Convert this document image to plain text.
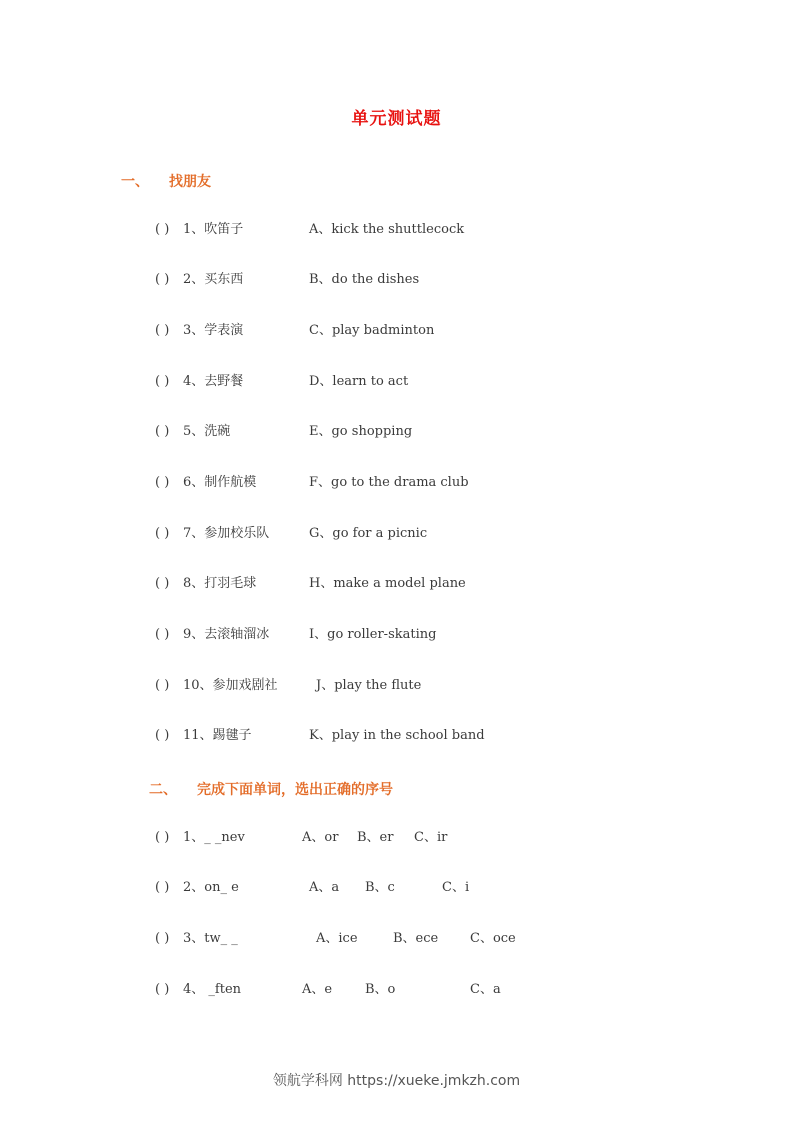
单元测试题
一、 找朋友
( ) 1、吹笛子	A、kick the shuttlecock
( ) 2、买东西	B、do the dishes
( ) 3、学表演	C、play badminton
( ) 4、去野餐	D、learn to act
( ) 5、洗碗	E、go shopping
( ) 6、制作航模	F、go to the drama club
( ) 7、参加校乐队	G、go for a picnic
( ) 8、打羽毛球	H、make a model plane
( ) 9、去滚轴溜冰	I、go roller-skating
( ) 10、参加戏剧社	J、play the flute
( ) 11、踢毽子	K、play in the school band
二、 完成下面单词，选出正确的序号
( ) 1、_ _nev	A、or B、er C、ir
( ) 2、on_ e	A、a B、c	C、i
( ) 3、tw_ _	A、ice	B、ece C、oce
( ) 4、 _ften	A、e	B、o	C、a
领航学科网 https://xueke.jmkzh.com
